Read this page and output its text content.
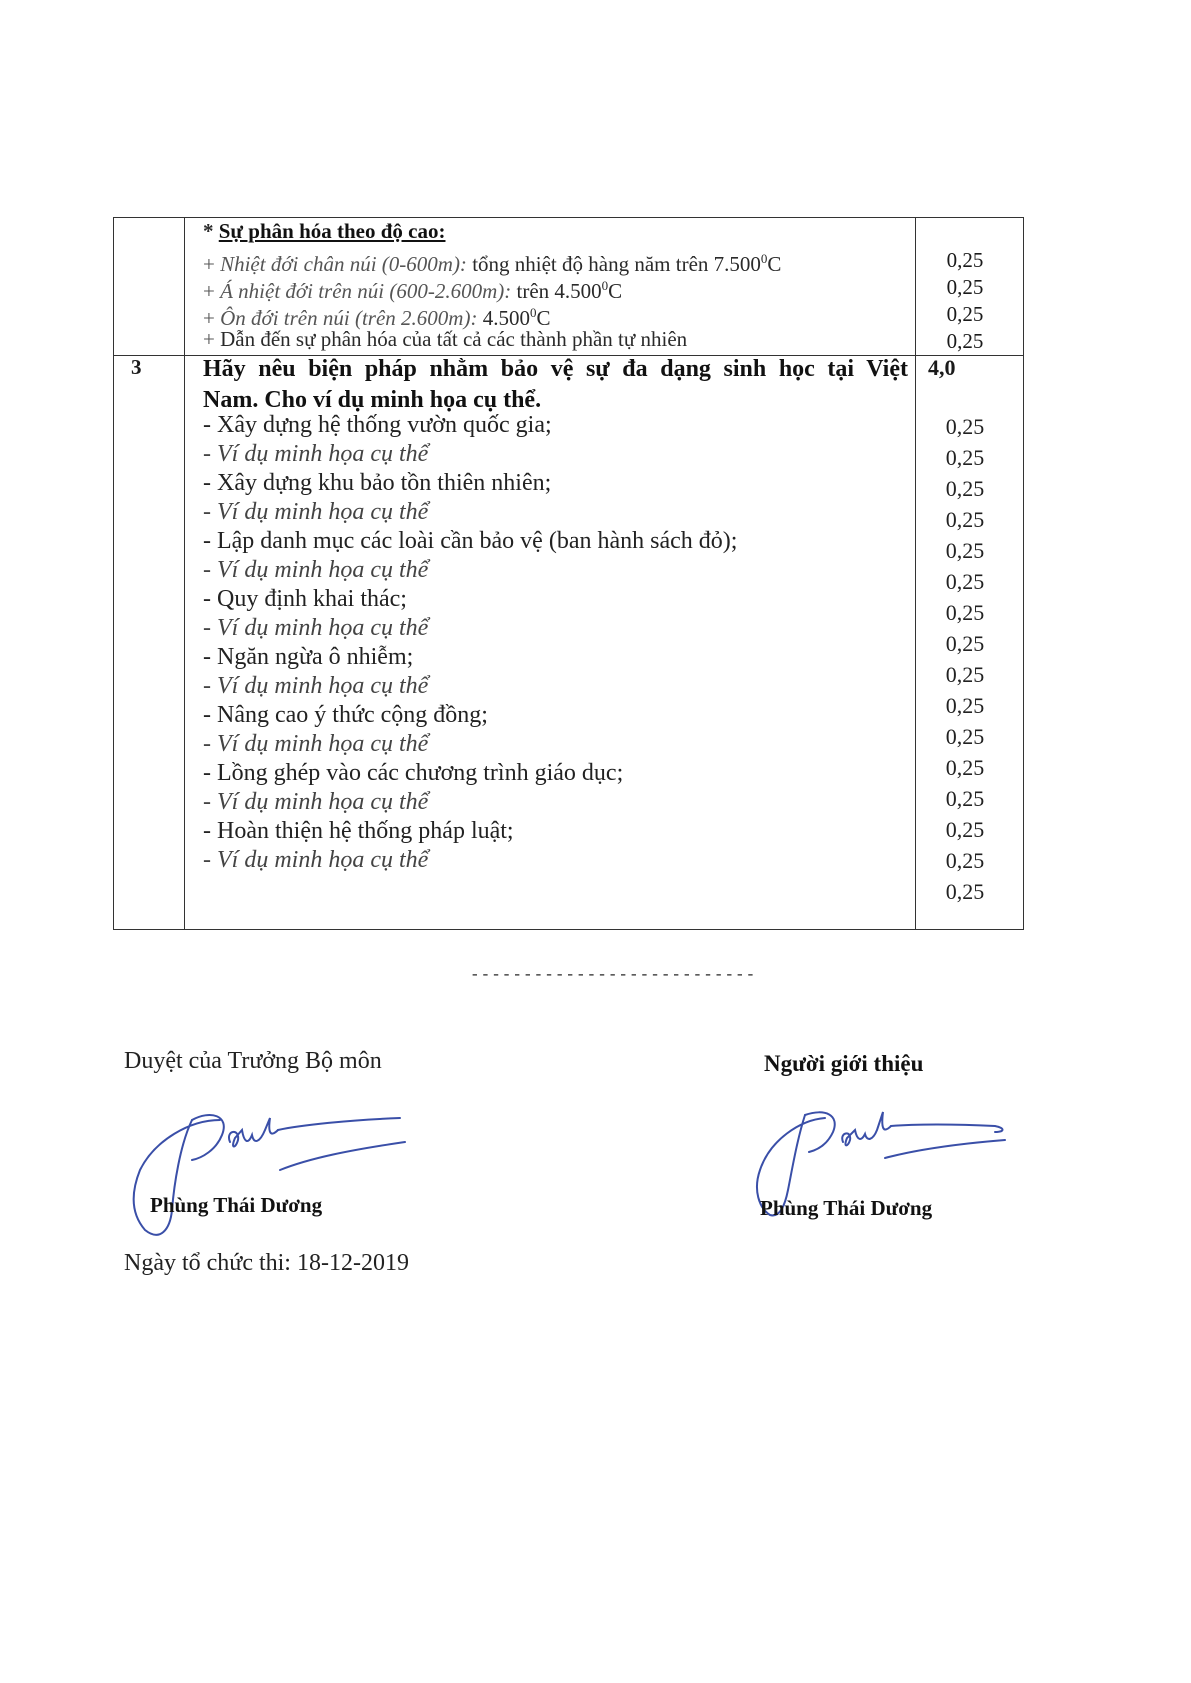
* Sự phân hóa theo độ cao:
+ Nhiệt đới chân núi (0-600m): tổng nhiệt độ hàng năm trên $7.500^0C$
+ Á nhiệt đới trên núi (600-2.600m): trên $4.500^0C$
+ Ôn đới trên núi (trên 2.600m): $4.500^0C$
+ Dẫn đến sự phân hóa của tất cả các thành phần tự nhiên
0,25
0,25
0,25
0,25
3	Hãy nêu biện pháp nhằm bảo vệ sự đa dạng sinh học tại Việt
Nam. Cho ví dụ minh họa cụ thể.
4,0
- Xây dựng hệ thống vườn quốc gia;
- Ví dụ minh họa cụ thể
- Xây dựng khu bảo tồn thiên nhiên;
- Ví dụ minh họa cụ thể
- Lập danh mục các loài cần bảo vệ (ban hành sách đỏ);
- Ví dụ minh họa cụ thể
- Quy định khai thác;
- Ví dụ minh họa cụ thể
- Ngăn ngừa ô nhiễm;
- Ví dụ minh họa cụ thể
- Nâng cao ý thức cộng đồng;
- Ví dụ minh họa cụ thể
- Lồng ghép vào các chương trình giáo dục;
- Ví dụ minh họa cụ thể
- Hoàn thiện hệ thống pháp luật;
- Ví dụ minh họa cụ thể
0,25
0,25
0,25
0,25
0,25
0,25
0,25
0,25
0,25
0,25
0,25
0,25
0,25
0,25
0,25
0,25
---------------------------
Duyệt của Trưởng Bộ môn
Phùng Thái Dương
Người giới thiệu
Phùng Thái Dương
Ngày tổ chức thi: 18-12-2019
